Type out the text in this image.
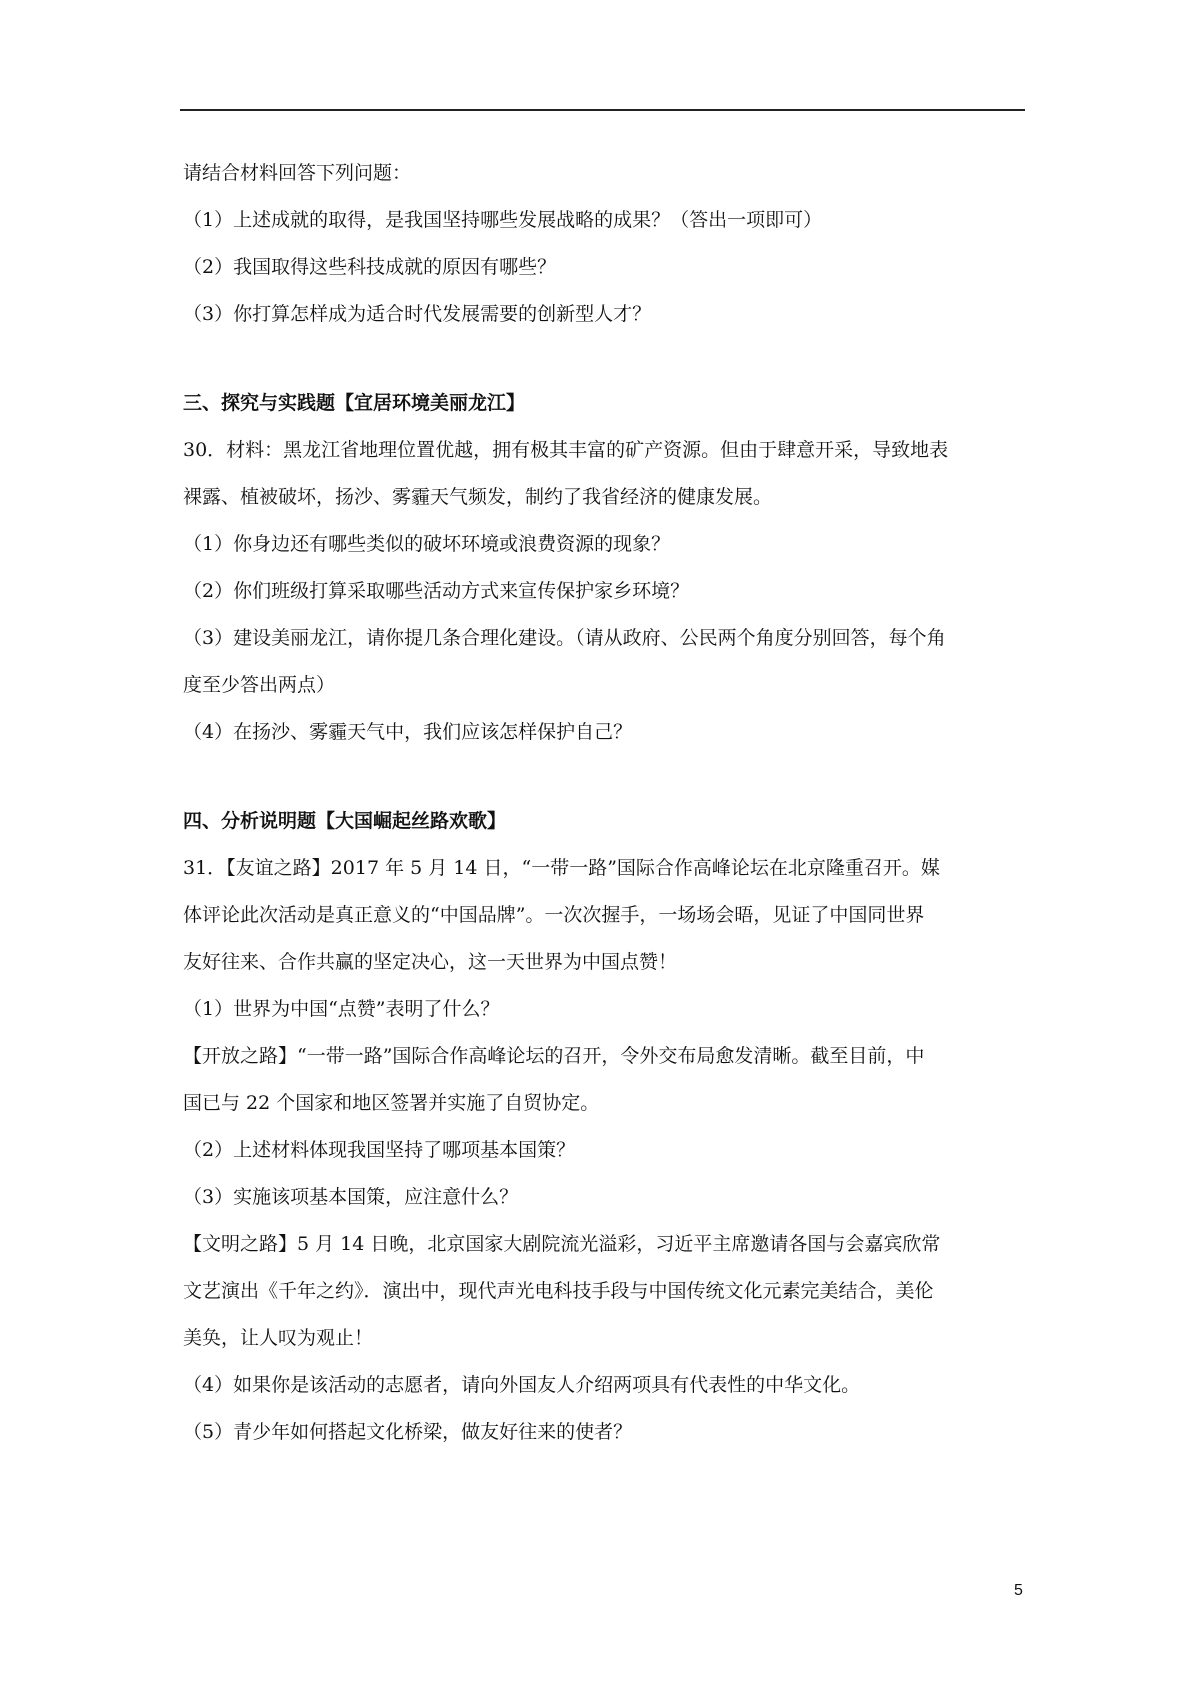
请结合材料回答下列问题：
（1）上述成就的取得，是我国坚持哪些发展战略的成果？（答出一项即可）
（2）我国取得这些科技成就的原因有哪些？
（3）你打算怎样成为适合时代发展需要的创新型人才？
三、探究与实践题【宜居环境美丽龙江】
30．材料：黑龙江省地理位置优越，拥有极其丰富的矿产资源。但由于肆意开采，导致地表
裸露、植被破坏，扬沙、雾霾天气频发，制约了我省经济的健康发展。
（1）你身边还有哪些类似的破坏环境或浪费资源的现象？
（2）你们班级打算采取哪些活动方式来宣传保护家乡环境？
（3）建设美丽龙江，请你提几条合理化建设。（请从政府、公民两个角度分别回答，每个角
度至少答出两点）
（4）在扬沙、雾霾天气中，我们应该怎样保护自己？
四、分析说明题【大国崛起丝路欢歌】
31．【友谊之路】2017 年 5 月 14 日，“一带一路”国际合作高峰论坛在北京隆重召开。媒
体评论此次活动是真正意义的“中国品牌”。一次次握手，一场场会晤，见证了中国同世界
友好往来、合作共赢的坚定决心，这一天世界为中国点赞！
（1）世界为中国“点赞”表明了什么？
【开放之路】“一带一路”国际合作高峰论坛的召开，令外交布局愈发清晰。截至目前，中
国已与 22 个国家和地区签署并实施了自贸协定。
（2）上述材料体现我国坚持了哪项基本国策？
（3）实施该项基本国策，应注意什么？
【文明之路】5 月 14 日晚，北京国家大剧院流光溢彩，习近平主席邀请各国与会嘉宾欣常
文艺演出《千年之约》．演出中，现代声光电科技手段与中国传统文化元素完美结合，美伦
美奂，让人叹为观止！
（4）如果你是该活动的志愿者，请向外国友人介绍两项具有代表性的中华文化。
（5）青少年如何搭起文化桥梁，做友好往来的使者？
5
